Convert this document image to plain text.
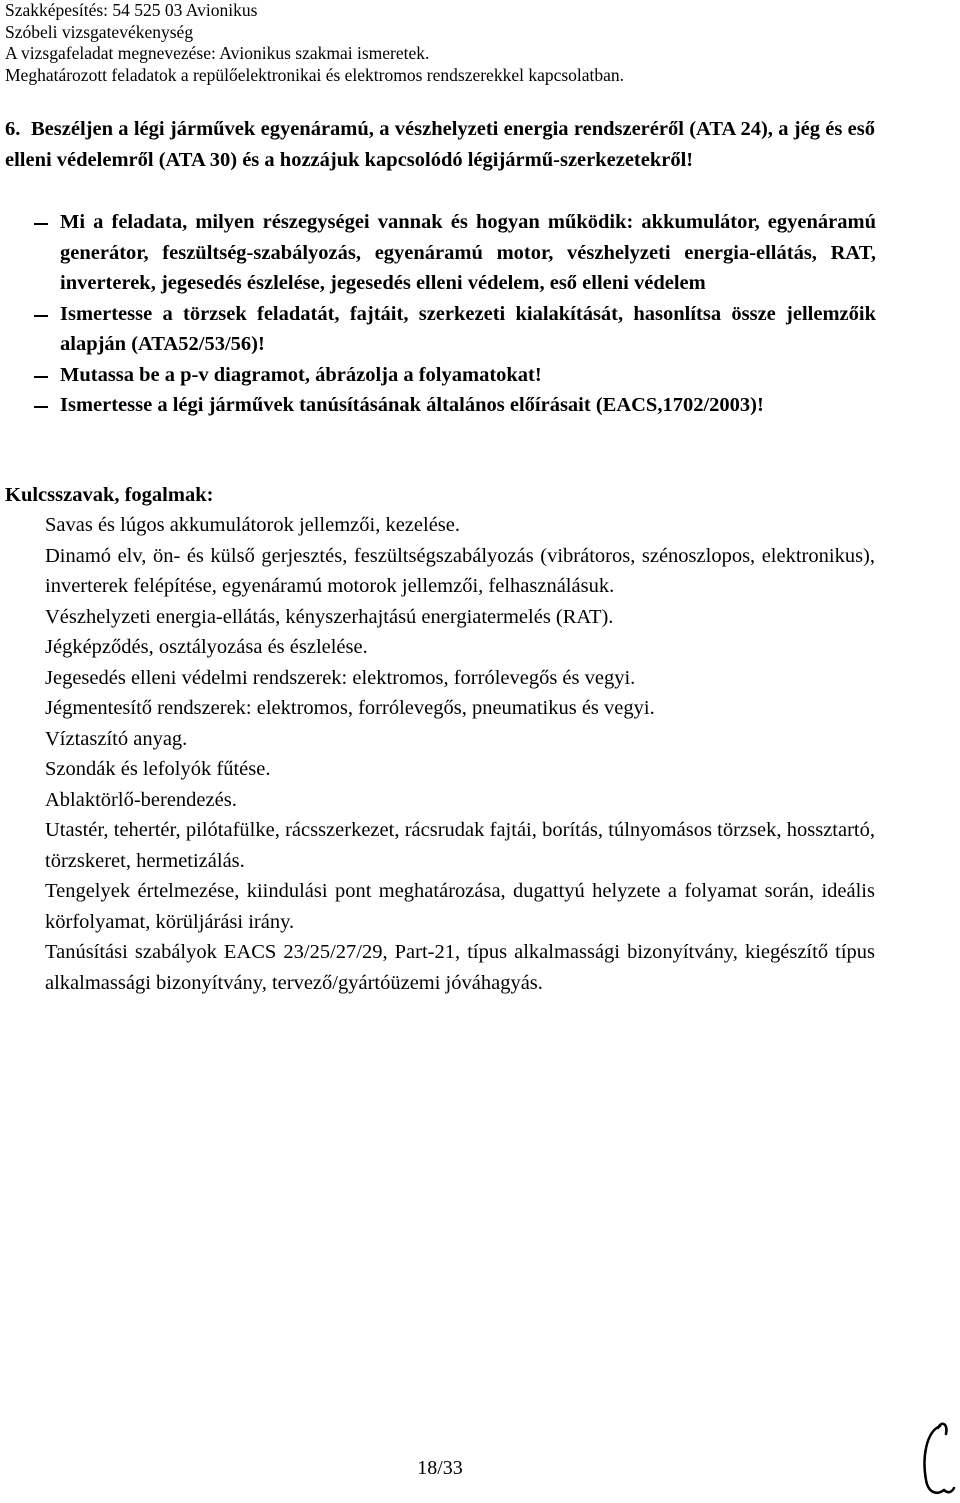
Szakképesítés: 54 525 03 Avionikus
Szóbeli vizsgatevékenység
A vizsgafeladat megnevezése: Avionikus szakmai ismeretek.
Meghatározott feladatok a repülőelektronikai és elektromos rendszerekkel kapcsolatban.
6. Beszéljen a légi járművek egyenáramú, a vészhelyzeti energia rendszeréről (ATA 24), a jég és eső elleni védelemről (ATA 30) és a hozzájuk kapcsolódó légijármű-szerkezetekről!
Mi a feladata, milyen részegységei vannak és hogyan működik: akkumulátor, egyenáramú generátor, feszültség-szabályozás, egyenáramú motor, vészhelyzeti energia-ellátás, RAT, inverterek, jegesedés észlelése, jegesedés elleni védelem, eső elleni védelem
Ismertesse a törzsek feladatát, fajtáit, szerkezeti kialakítását, hasonlítsa össze jellemzőik alapján (ATA52/53/56)!
Mutassa be a p-v diagramot, ábrázolja a folyamatokat!
Ismertesse a légi járművek tanúsításának általános előírásait (EACS,1702/2003)!
Kulcsszavak, fogalmak:
Savas és lúgos akkumulátorok jellemzői, kezelése.
Dinamó elv, ön- és külső gerjesztés, feszültségszabályozás (vibrátoros, szénoszlopos, elektronikus), inverterek felépítése, egyenáramú motorok jellemzői, felhasználásuk.
Vészhelyzeti energia-ellátás, kényszerhajtású energiatermelés (RAT).
Jégképződés, osztályozása és észlelése.
Jegesedés elleni védelmi rendszerek: elektromos, forrólevegős és vegyi.
Jégmentesítő rendszerek: elektromos, forrólevegős, pneumatikus és vegyi.
Víztaszító anyag.
Szondák és lefolyók fűtése.
Ablaktörlő-berendezés.
Utastér, tehertér, pilótafülke, rácsszerkezet, rácsrudak fajtái, borítás, túlnyomásos törzsek, hossztartó, törzskeret, hermetizálás.
Tengelyek értelmezése, kiindulási pont meghatározása, dugattyú helyzete a folyamat során, ideális körfolyamat, körüljárási irány.
Tanúsítási szabályok EACS 23/25/27/29, Part-21, típus alkalmassági bizonyítvány, kiegészítő típus alkalmassági bizonyítvány, tervező/gyártóüzemi jóváhagyás.
18/33
